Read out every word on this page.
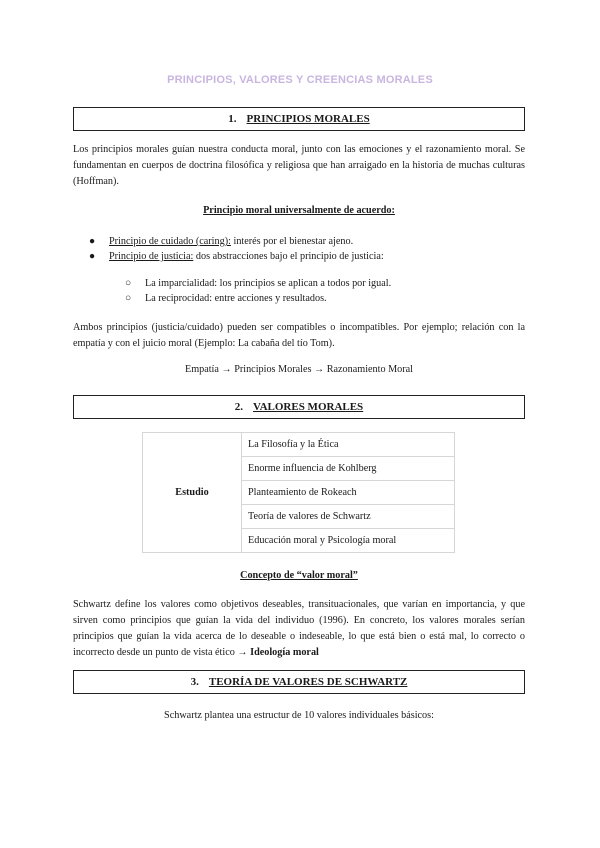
PRINCIPIOS, VALORES Y CREENCIAS MORALES
1. PRINCIPIOS MORALES
Los principios morales guían nuestra conducta moral, junto con las emociones y el razonamiento moral. Se fundamentan en cuerpos de doctrina filosófica y religiosa que han arraigado en la historia de muchas culturas (Hoffman).
Principio moral universalmente de acuerdo:
● Principio de cuidado (caring): interés por el bienestar ajeno.
● Principio de justicia: dos abstracciones bajo el principio de justicia:
○ La imparcialidad: los principios se aplican a todos por igual.
○ La reciprocidad: entre acciones y resultados.
Ambos principios (justicia/cuidado) pueden ser compatibles o incompatibles. Por ejemplo; relación con la empatía y con el juicio moral (Ejemplo: La cabaña del tío Tom).
Empatía → Principios Morales → Razonamiento Moral
2. VALORES MORALES
Estudio	La Filosofía y la Ética
Enorme influencia de Kohlberg
Planteamiento de Rokeach
Teoría de valores de Schwartz
Educación moral y Psicología moral
Concepto de “valor moral”
Schwartz define los valores como objetivos deseables, transituacionales, que varían en importancia, y que sirven como principios que guían la vida del individuo (1996). En concreto, los valores morales serían principios que guían la vida acerca de lo deseable o indeseable, lo que está bien o está mal, lo correcto o incorrecto desde un punto de vista ético → Ideología moral
3. TEORÍA DE VALORES DE SCHWARTZ
Schwartz plantea una estructur de 10 valores individuales básicos:
